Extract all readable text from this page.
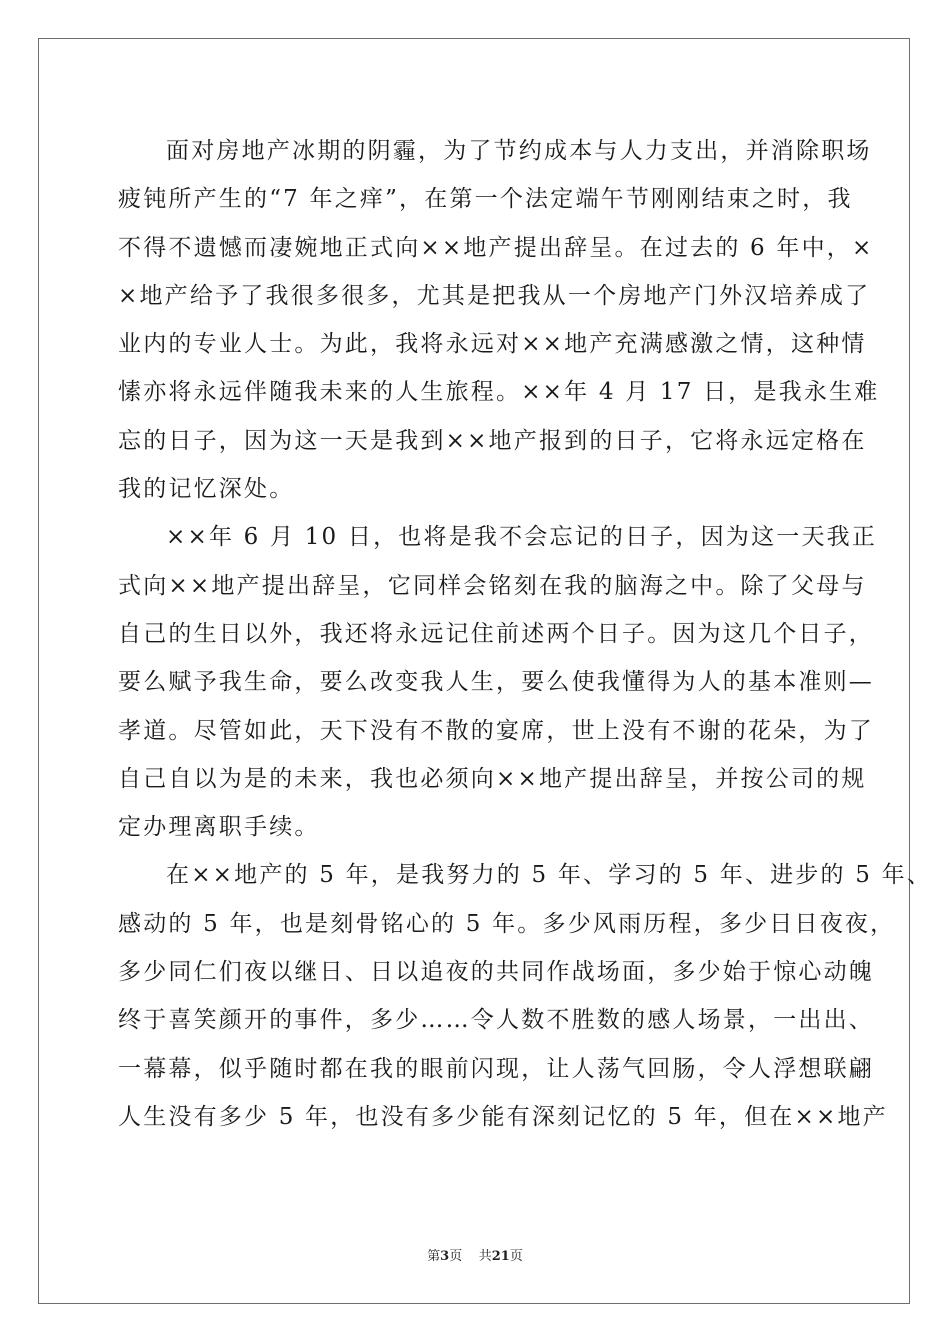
面对房地产冰期的阴霾，为了节约成本与人力支出，并消除职场
疲钝所产生的“7 年之痒”，在第一个法定端午节刚刚结束之时，我
不得不遗憾而凄婉地正式向××地产提出辞呈。在过去的 6 年中，×
×地产给予了我很多很多，尤其是把我从一个房地产门外汉培养成了
业内的专业人士。为此，我将永远对××地产充满感激之情，这种情
愫亦将永远伴随我未来的人生旅程。××年 4 月 17 日，是我永生难
忘的日子，因为这一天是我到××地产报到的日子，它将永远定格在
我的记忆深处。
××年 6 月 10 日，也将是我不会忘记的日子，因为这一天我正
式向××地产提出辞呈，它同样会铭刻在我的脑海之中。除了父母与
自己的生日以外，我还将永远记住前述两个日子。因为这几个日子，
要么赋予我生命，要么改变我人生，要么使我懂得为人的基本准则—
孝道。尽管如此，天下没有不散的宴席，世上没有不谢的花朵，为了
自己自以为是的未来，我也必须向××地产提出辞呈，并按公司的规
定办理离职手续。
在××地产的 5 年，是我努力的 5 年、学习的 5 年、进步的 5 年、
感动的 5 年，也是刻骨铭心的 5 年。多少风雨历程，多少日日夜夜，
多少同仁们夜以继日、日以追夜的共同作战场面，多少始于惊心动魄
终于喜笑颜开的事件，多少……令人数不胜数的感人场景，一出出、
一幕幕，似乎随时都在我的眼前闪现，让人荡气回肠，令人浮想联翩
人生没有多少 5 年，也没有多少能有深刻记忆的 5 年，但在××地产
第3页 共21页
